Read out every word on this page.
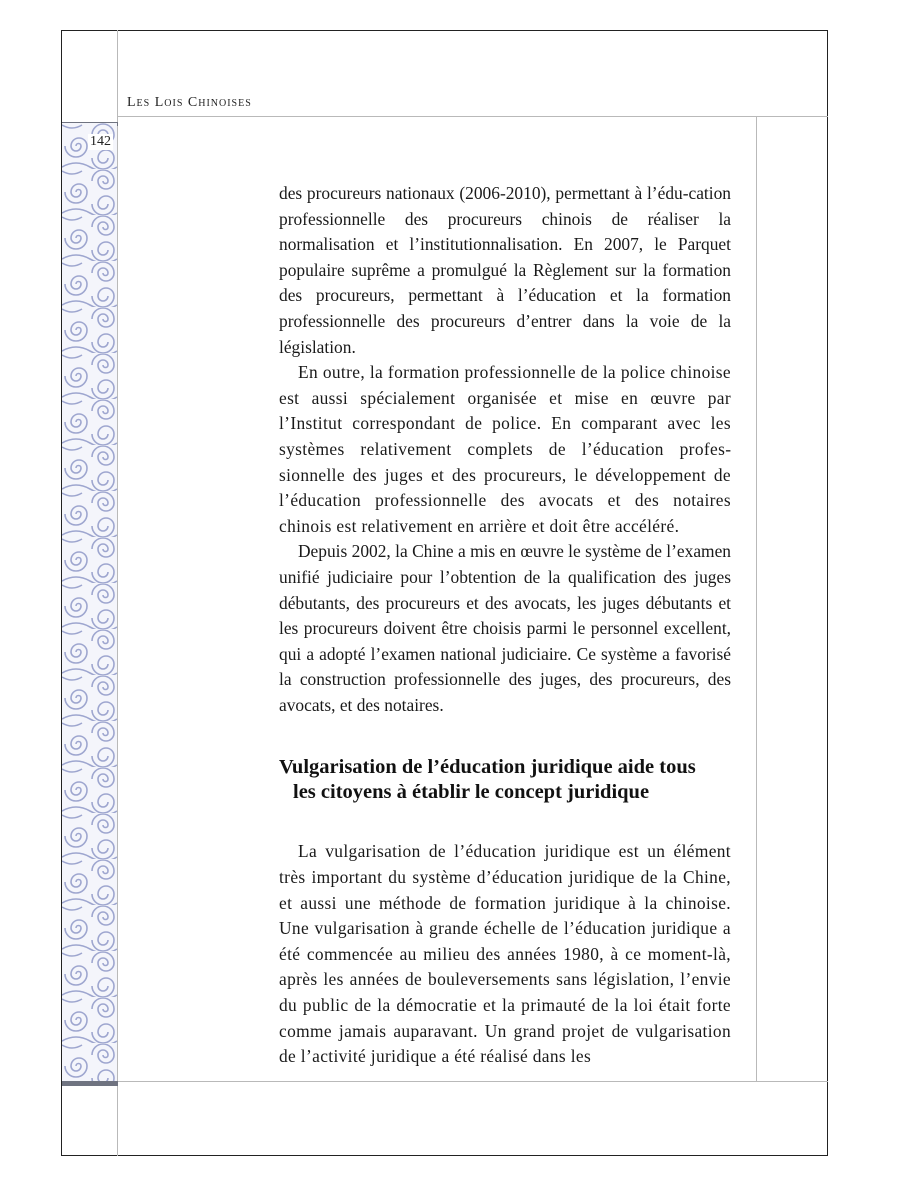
Les Lois Chinoises
142

des procureurs nationaux (2006-2010), permettant à l’édu-cation professionnelle des procureurs chinois de réaliser la normalisation et l’institutionnalisation. En 2007, le Parquet populaire suprême a promulgué la Règlement sur la formation des procureurs, permettant à l’éducation et la formation professionnelle des procureurs d’entrer dans la voie de la législation.

En outre, la formation professionnelle de la police chinoise est aussi spécialement organisée et mise en œuvre par l’Institut correspondant de police. En comparant avec les systèmes relativement complets de l’éducation professionnelle des juges et des procureurs, le développement de l’éducation professionnelle des avocats et des notaires chinois est relativement en arrière et doit être accéléré.

Depuis 2002, la Chine a mis en œuvre le système de l’examen unifié judiciaire pour l’obtention de la qualification des juges débutants, des procureurs et des avocats, les juges débutants et les procureurs doivent être choisis parmi le personnel excellent, qui a adopté l’examen national judiciaire. Ce système a favorisé la construction professionnelle des juges, des procureurs, des avocats, et des notaires.

Vulgarisation de l’éducation juridique aide tous
les citoyens à établir le concept juridique

La vulgarisation de l’éducation juridique est un élément très important du système d’éducation juridique de la Chine, et aussi une méthode de formation juridique à la chinoise. Une vulgarisation à grande échelle de l’éducation juridique a été commencée au milieu des années 1980, à ce moment-là, après les années de bouleversements sans législation, l’envie du public de la démocratie et la primauté de la loi était forte comme jamais auparavant. Un grand projet de vulgarisation de l’activité juridique a été réalisé dans les
